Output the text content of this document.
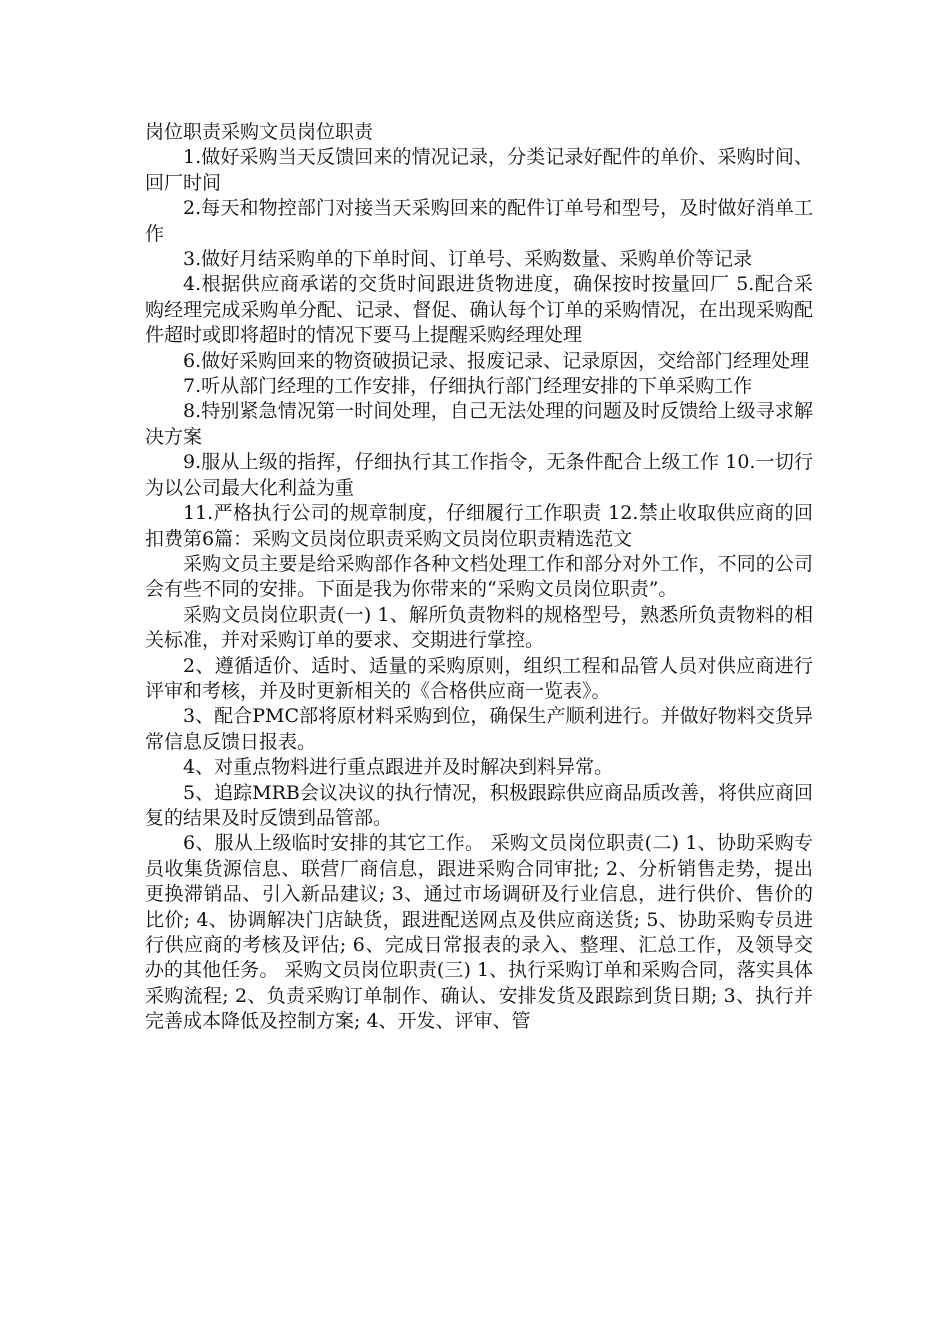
岗位职责采购文员岗位职责

1.做好采购当天反馈回来的情况记录，分类记录好配件的单价、采购时间、回厂时间

2.每天和物控部门对接当天采购回来的配件订单号和型号，及时做好消单工作

3.做好月结采购单的下单时间、订单号、采购数量、采购单价等记录

4.根据供应商承诺的交货时间跟进货物进度，确保按时按量回厂 5.配合采购经理完成采购单分配、记录、督促、确认每个订单的采购情况，在出现采购配件超时或即将超时的情况下要马上提醒采购经理处理

6.做好采购回来的物资破损记录、报废记录、记录原因，交给部门经理处理

7.听从部门经理的工作安排，仔细执行部门经理安排的下单采购工作

8.特别紧急情况第一时间处理，自己无法处理的问题及时反馈给上级寻求解决方案

9.服从上级的指挥，仔细执行其工作指令，无条件配合上级工作 10.一切行为以公司最大化利益为重

11.严格执行公司的规章制度，仔细履行工作职责 12.禁止收取供应商的回扣费第6篇：采购文员岗位职责采购文员岗位职责精选范文

采购文员主要是给采购部作各种文档处理工作和部分对外工作，不同的公司会有些不同的安排。下面是我为你带来的“采购文员岗位职责”。

采购文员岗位职责(一) 1、解所负责物料的规格型号，熟悉所负责物料的相关标准，并对采购订单的要求、交期进行掌控。

2、遵循适价、适时、适量的采购原则，组织工程和品管人员对供应商进行评审和考核，并及时更新相关的《合格供应商一览表》。

3、配合PMC部将原材料采购到位，确保生产顺利进行。并做好物料交货异常信息反馈日报表。

4、对重点物料进行重点跟进并及时解决到料异常。

5、追踪MRB会议决议的执行情况，积极跟踪供应商品质改善，将供应商回复的结果及时反馈到品管部。

6、服从上级临时安排的其它工作。 采购文员岗位职责(二) 1、协助采购专员收集货源信息、联营厂商信息，跟进采购合同审批; 2、分析销售走势，提出更换滞销品、引入新品建议; 3、通过市场调研及行业信息，进行供价、售价的比价; 4、协调解决门店缺货，跟进配送网点及供应商送货; 5、协助采购专员进行供应商的考核及评估; 6、完成日常报表的录入、整理、汇总工作，及领导交办的其他任务。 采购文员岗位职责(三) 1、执行采购订单和采购合同，落实具体采购流程; 2、负责采购订单制作、确认、安排发货及跟踪到货日期; 3、执行并完善成本降低及控制方案; 4、开发、评审、管
